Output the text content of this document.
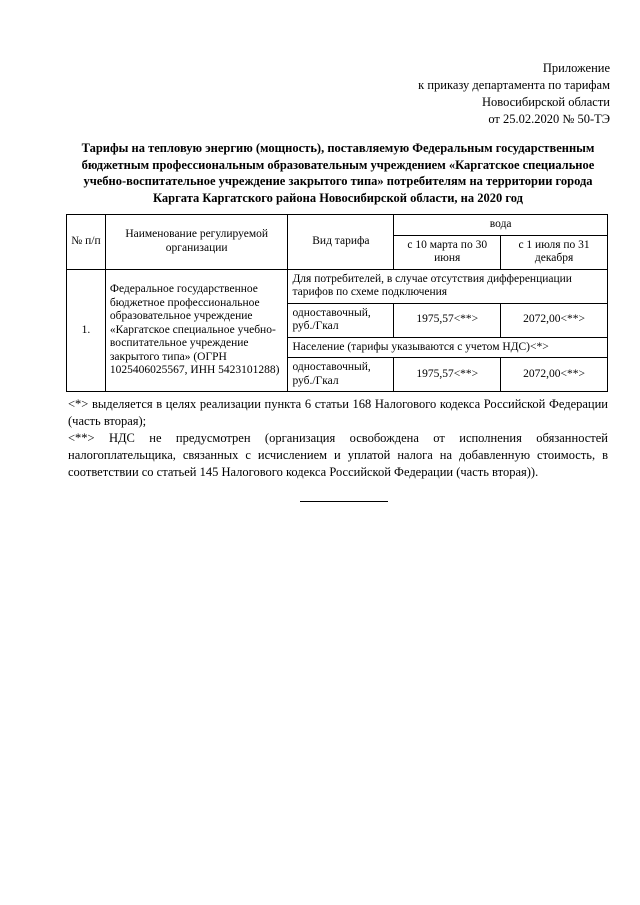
Приложение
к приказу департамента по тарифам
Новосибирской области
от 25.02.2020 № 50-ТЭ
Тарифы на тепловую энергию (мощность), поставляемую Федеральным государственным бюджетным профессиональным образовательным учреждением «Каргатское специальное учебно-воспитательное учреждение закрытого типа» потребителям на территории города Каргата Каргатского района Новосибирской области, на 2020 год
№ п/п	Наименование регулируемой организации	Вид тарифа	вода	
			с 10 марта по 30 июня	с 1 июля по 31 декабря
1.	Федеральное государственное бюджетное профессиональное образовательное учреждение «Каргатское специальное учебно-воспитательное учреждение закрытого типа» (ОГРН 1025406025567, ИНН 5423101288)	Для потребителей, в случае отсутствия дифференциации тарифов по схеме подключения		
		одноставочный, руб./Гкал	1975,57<**>	2072,00<**>
		Население (тарифы указываются с учетом НДС)<*>		
		одноставочный, руб./Гкал	1975,57<**>	2072,00<**>

<*> выделяется в целях реализации пункта 6 статьи 168 Налогового кодекса Российской Федерации (часть вторая);

<**> НДС не предусмотрен (организация освобождена от исполнения обязанностей налогоплательщика, связанных с исчислением и уплатой налога на добавленную стоимость, в соответствии со статьей 145 Налогового кодекса Российской Федерации (часть вторая)).
